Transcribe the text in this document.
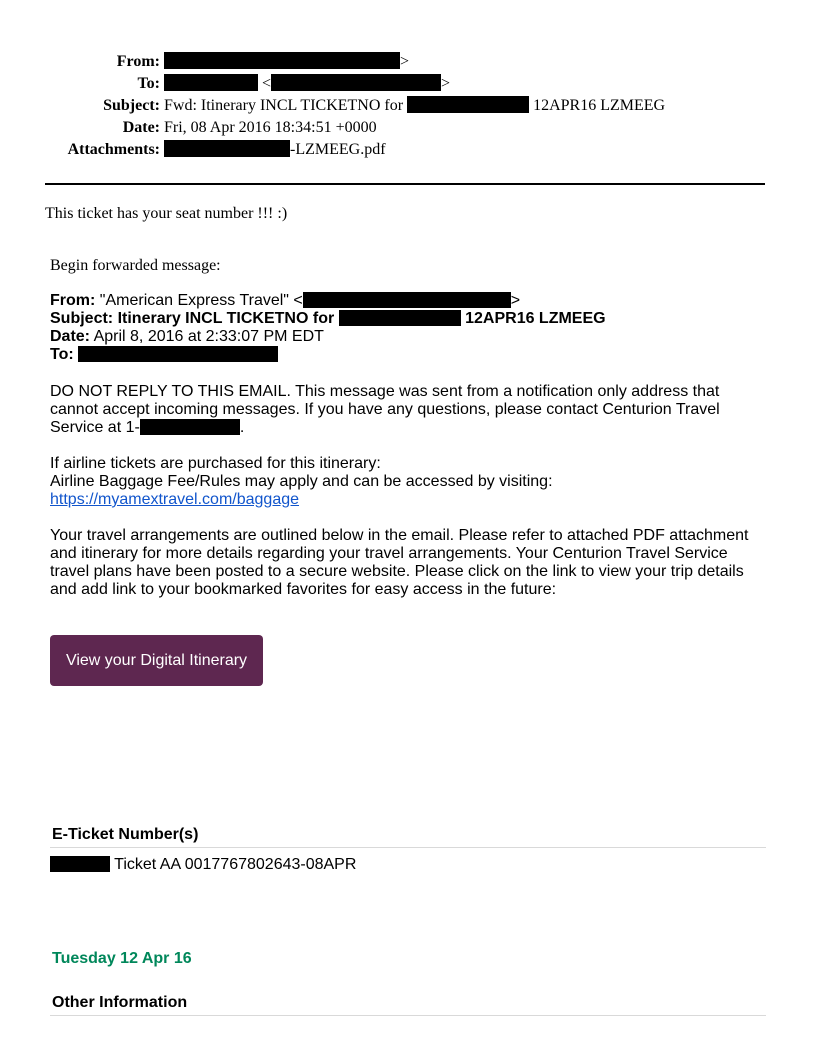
From:	>
To:	<	>
Subject: Fwd: Itinerary INCL TICKETNO for	12APR16 LZMEEG
Date: Fri, 08 Apr 2016 18:34:51 +0000
Attachments:	-LZMEEG.pdf
This ticket has your seat number !!! :)
Begin forwarded message:
From: "American Express Travel" <	>
Subject: Itinerary INCL TICKETNO for	12APR16 LZMEEG
Date: April 8, 2016 at 2:33:07 PM EDT
To:
DO NOT REPLY TO THIS EMAIL. This message was sent from a notification only address that cannot accept incoming messages. If you have any questions, please contact Centurion Travel Service at 1-	.
If airline tickets are purchased for this itinerary:
Airline Baggage Fee/Rules may apply and can be accessed by visiting:
https://myamextravel.com/baggage
Your travel arrangements are outlined below in the email. Please refer to attached PDF attachment and itinerary for more details regarding your travel arrangements. Your Centurion Travel Service travel plans have been posted to a secure website. Please click on the link to view your trip details and add link to your bookmarked favorites for easy access in the future:
View your Digital Itinerary
E-Ticket Number(s)
Ticket AA 0017767802643-08APR
Tuesday 12 Apr 16
Other Information
